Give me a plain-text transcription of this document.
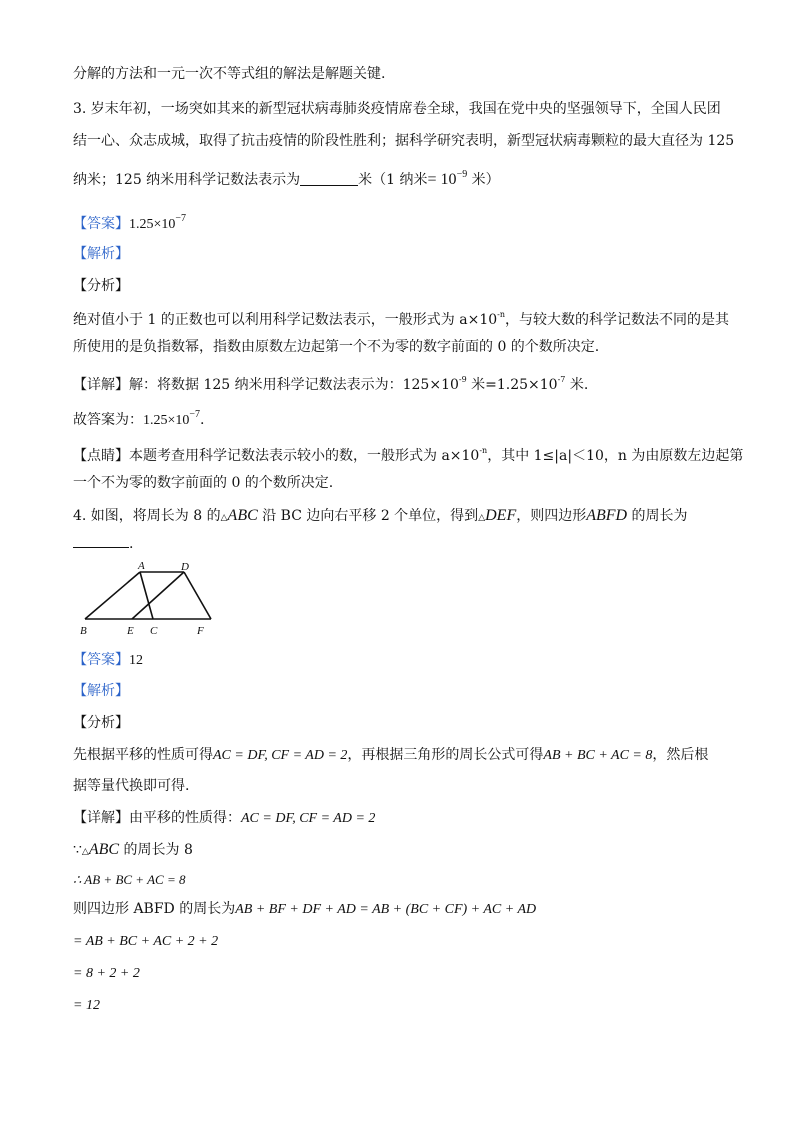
分解的方法和一元一次不等式组的解法是解题关键.
3. 岁末年初，一场突如其来的新型冠状病毒肺炎疫情席卷全球，我国在党中央的坚强领导下，全国人民团
结一心、众志成城，取得了抗击疫情的阶段性胜利；据科学研究表明，新型冠状病毒颗粒的最大直径为 125
纳米；125 纳米用科学记数法表示为	米（1 纳米= $10^{-9}$ 米）
【答案】$1.25\times 10^{-7}$
【解析】
【分析】
绝对值小于 1 的正数也可以利用科学记数法表示，一般形式为 $a\times 10^{-n}$，与较大数的科学记数法不同的是其
所使用的是负指数幂，指数由原数左边起第一个不为零的数字前面的 0 的个数所决定.
【详解】解：将数据 125 纳米用科学记数法表示为：$125\times 10^{-9}$ 米$=1.25\times 10^{-7}$ 米.
故答案为：$1.25\times 10^{-7}$.
【点睛】本题考查用科学记数法表示较小的数，一般形式为 $a\times 10^{-n}$，其中 1≤|a|＜10，n 为由原数左边起第
一个不为零的数字前面的 0 的个数所决定.
4. 如图，将周长为 8 的△ABC 沿 BC 边向右平移 2 个单位，得到△DEF，则四边形ABFD 的周长为
.
A	D
B	E C	F
【答案】12
【解析】
【分析】
先根据平移的性质可得AC = DF, CF = AD = 2，再根据三角形的周长公式可得AB + BC + AC = 8，然后根
据等量代换即可得.
【详解】由平移的性质得：AC = DF, CF = AD = 2
∵△ABC 的周长为 8
∴ AB + BC + AC = 8
则四边形 ABFD 的周长为AB + BF + DF + AD = AB + (BC + CF) + AC + AD
= AB + BC + AC + 2 + 2
= 8 + 2 + 2
= 12
